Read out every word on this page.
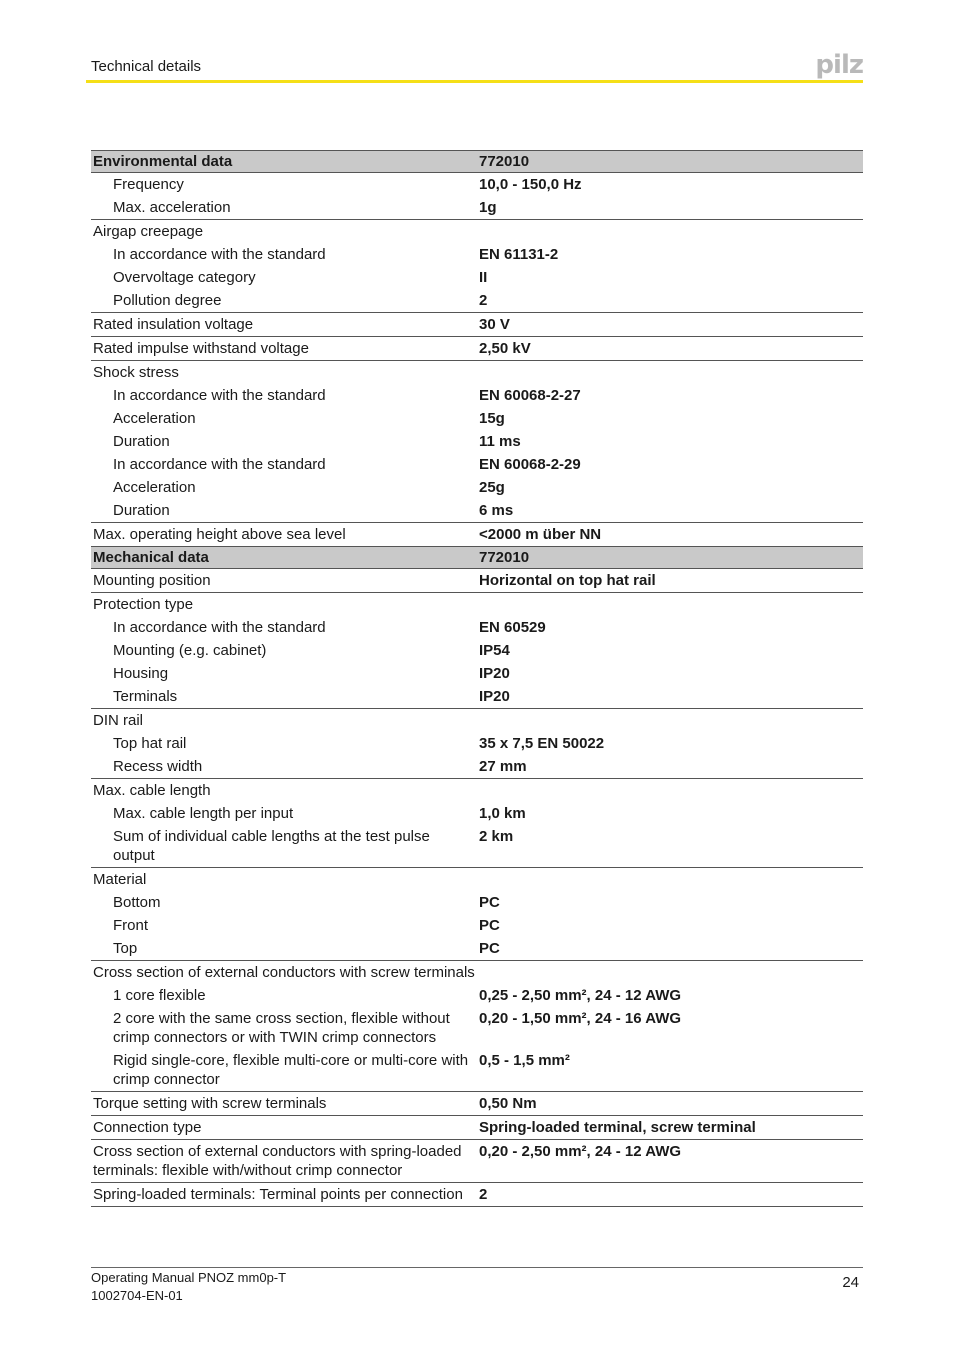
Technical details	pilz
Environmental data	772010
Frequency	10,0 - 150,0 Hz
Max. acceleration	1g
Airgap creepage	
In accordance with the standard	EN 61131-2
Overvoltage category	II
Pollution degree	2
Rated insulation voltage	30 V
Rated impulse withstand voltage	2,50 kV
Shock stress	
In accordance with the standard	EN 60068-2-27
Acceleration	15g
Duration	11 ms
In accordance with the standard	EN 60068-2-29
Acceleration	25g
Duration	6 ms
Max. operating height above sea level	<2000 m über NN
Mechanical data	772010
Mounting position	Horizontal on top hat rail
Protection type	
In accordance with the standard	EN 60529
Mounting (e.g. cabinet)	IP54
Housing	IP20
Terminals	IP20
DIN rail	
Top hat rail	35 x 7,5 EN 50022
Recess width	27 mm
Max. cable length	
Max. cable length per input	1,0 km
Sum of individual cable lengths at the test pulse output	2 km
Material	
Bottom	PC
Front	PC
Top	PC
Cross section of external conductors with screw terminals	
1 core flexible	0,25 - 2,50 mm², 24 - 12 AWG
2 core with the same cross section, flexible without crimp connectors or with TWIN crimp connectors	0,20 - 1,50 mm², 24 - 16 AWG
Rigid single-core, flexible multi-core or multi-core with crimp connector	0,5 - 1,5 mm²
Torque setting with screw terminals	0,50 Nm
Connection type	Spring-loaded terminal, screw terminal
Cross section of external conductors with spring-loaded terminals: flexible with/without crimp connector	0,20 - 2,50 mm², 24 - 12 AWG
Spring-loaded terminals: Terminal points per connection	2
Operating Manual PNOZ mm0p-T
1002704-EN-01
24
